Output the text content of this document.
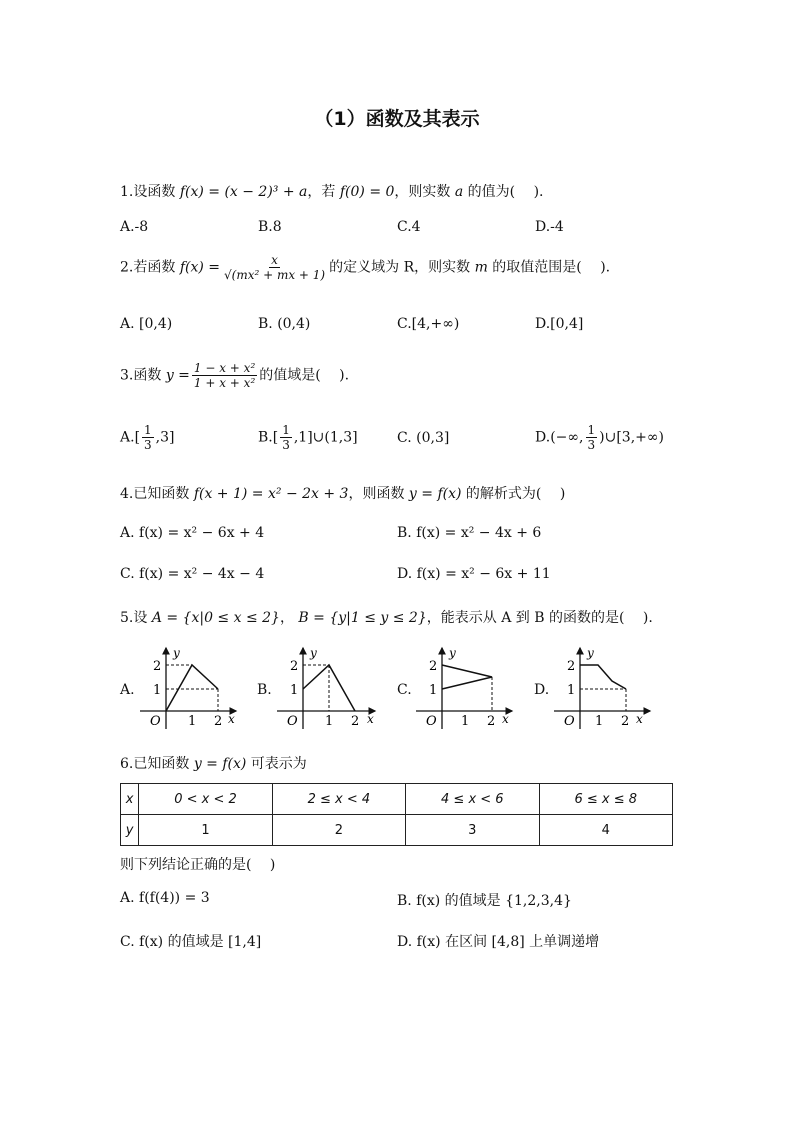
（1）函数及其表示
1.设函数 f(x) = (x − 2)³ + a，若 f(0) = 0，则实数 a 的值为(　 ).
A.-8	B.8	C.4	D.-4
2.若函数 $f(x) = \frac{x}{\text{√(mx² + mx + 1)}}$ 的定义域为 R，则实数 m 的取值范围是(　 ).
A. [0,4)	B. (0,4)	C.[4,+∞)	D.[0,4]
3.函数 $y = \frac{\text{1 − x + x²}}{\text{1 + x + x²}}$ 的值域是(　 ).
$A.[ \frac{1}{3} ,3]$	$B.[ \frac{1}{3}$ ,1]∪(1,3]	C. (0,3]	D.(−∞, $\frac{1}{3}$ )∪[3,+∞)
4.已知函数 f(x + 1) = x² − 2x + 3，则函数 y = f(x) 的解析式为(　 )
A. f(x) = x² − 6x + 4	B. f(x) = x² − 4x + 6
C. f(x) = x² − 4x − 4	D. f(x) = x² − 6x + 11
5.设 A = {x|0 ≤ x ≤ 2}， B = {y|1 ≤ y ≤ 2}，能表示从 A 到 B 的函数的是(　 ).
A.	B.	C.	D.
y
2
1
O 1 2 x
y
2
1
O 1 2 x
y
2
1
O 1 2 x
y
2
1
O 1 2 x
6.已知函数 y = f(x) 可表示为
x	0 < x < 2	2 ≤ x < 4	4 ≤ x < 6	6 ≤ x ≤ 8
y	1	2	3	4
则下列结论正确的是(　 )
A. f(f(4)) = 3	B. f(x) 的值域是 {1,2,3,4}
C. f(x) 的值域是 [1,4]	D. f(x) 在区间 [4,8] 上单调递增
